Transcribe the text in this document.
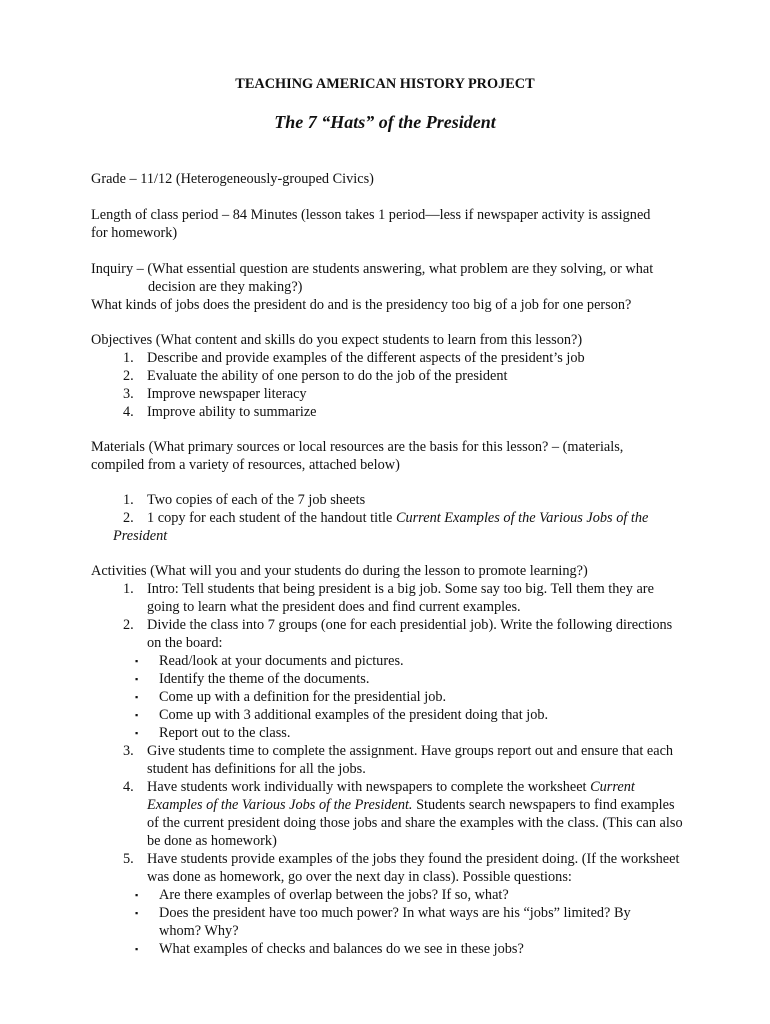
TEACHING AMERICAN HISTORY PROJECT
The 7 “Hats” of the President
Grade – 11/12 (Heterogeneously-grouped Civics)
Length of class period – 84 Minutes (lesson takes 1 period—less if newspaper activity is assigned for homework)
Inquiry – (What essential question are students answering, what problem are they solving, or what decision are they making?)
What kinds of jobs does the president do and is the presidency too big of a job for one person?
Objectives (What content and skills do you expect students to learn from this lesson?)
1. Describe and provide examples of the different aspects of the president’s job
2. Evaluate the ability of one person to do the job of the president
3. Improve newspaper literacy
4. Improve ability to summarize
Materials (What primary sources or local resources are the basis for this lesson? – (materials, compiled from a variety of resources, attached below)
1. Two copies of each of the 7 job sheets
2. 1 copy for each student of the handout title Current Examples of the Various Jobs of the
President
Activities (What will you and your students do during the lesson to promote learning?)
1. Intro: Tell students that being president is a big job. Some say too big. Tell them they are going to learn what the president does and find current examples.
2. Divide the class into 7 groups (one for each presidential job). Write the following directions on the board:
▪ Read/look at your documents and pictures.
▪ Identify the theme of the documents.
▪ Come up with a definition for the presidential job.
▪ Come up with 3 additional examples of the president doing that job.
▪ Report out to the class.
3. Give students time to complete the assignment. Have groups report out and ensure that each student has definitions for all the jobs.
4. Have students work individually with newspapers to complete the worksheet Current Examples of the Various Jobs of the President. Students search newspapers to find examples of the current president doing those jobs and share the examples with the class. (This can also be done as homework)
5. Have students provide examples of the jobs they found the president doing. (If the worksheet was done as homework, go over the next day in class). Possible questions:
▪ Are there examples of overlap between the jobs? If so, what?
▪ Does the president have too much power? In what ways are his “jobs” limited? By whom? Why?
▪ What examples of checks and balances do we see in these jobs?
